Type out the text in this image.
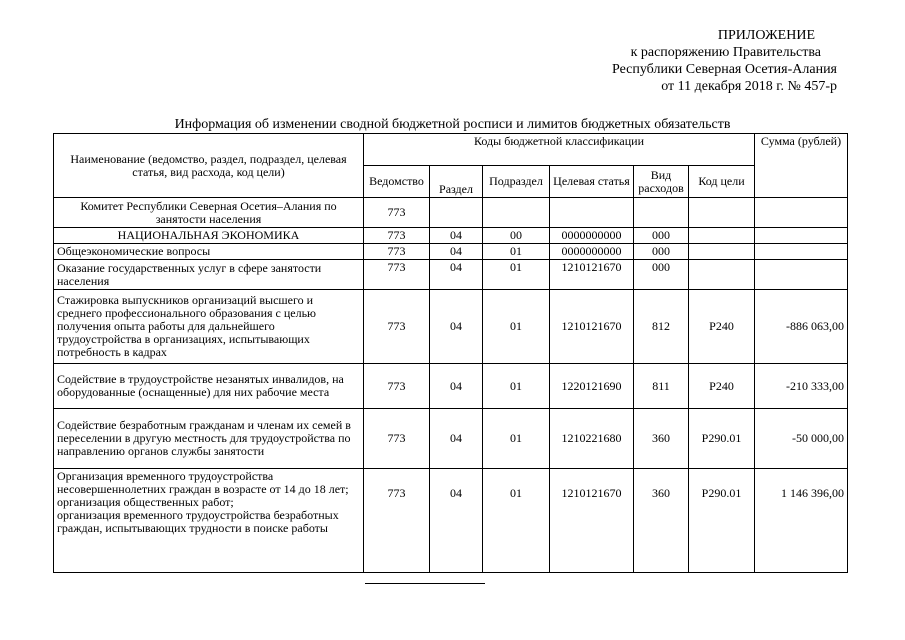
ПРИЛОЖЕНИЕ
к распоряжению Правительства
Республики Северная Осетия-Алания
от 11 декабря 2018 г. № 457-р
Информация об изменении сводной бюджетной росписи и лимитов бюджетных обязательств
Наименование (ведомство, раздел, подраздел, целевая статья, вид расхода, код цели)	Коды бюджетной классификации						Сумма (рублей)
	Ведомство	Раздел	Подраздел	Целевая статья	Вид расходов	Код цели	
Комитет Республики Северная Осетия–Алания по занятости населения	773						
НАЦИОНАЛЬНАЯ ЭКОНОМИКА	773	04	00	0000000000	000		
Общеэкономические вопросы	773	04	01	0000000000	000		
Оказание государственных услуг в сфере занятости населения	773	04	01	1210121670	000		
Стажировка выпускников организаций высшего и среднего профессионального образования с целью получения опыта работы для дальнейшего трудоустройства в организациях, испытывающих потребность в кадрах	773	04	01	1210121670	812	Р240	-886 063,00
Содействие в трудоустройстве незанятых инвалидов, на оборудованные (оснащенные) для них рабочие места	773	04	01	1220121690	811	Р240	-210 333,00
Содействие безработным гражданам и членам их семей в переселении в другую местность для трудоустройства по направлению органов службы занятости	773	04	01	1210221680	360	Р290.01	-50 000,00
Организация временного трудоустройства несовершеннолетних граждан в возрасте от 14 до 18 лет;
организация общественных работ;
организация временного трудоустройства безработных граждан, испытывающих трудности в поиске работы	773	04	01	1210121670	360	Р290.01	1 146 396,00
